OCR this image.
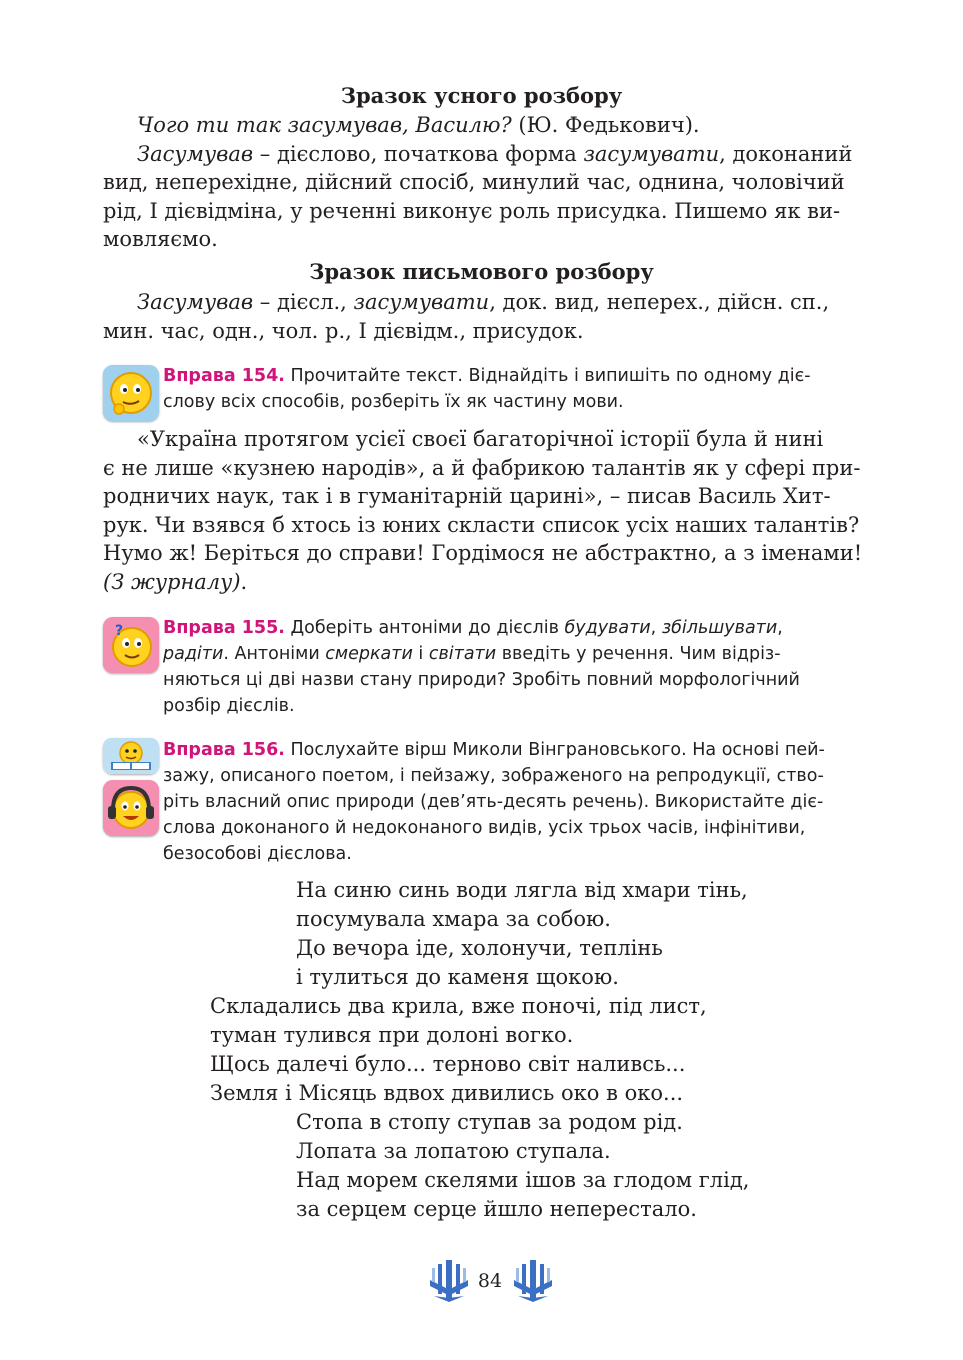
Зразок усного розбору
Чого ти так засумував, Василю? (Ю. Федькович).
Засумував – дієслово, початкова форма засумувати, доконаний
вид, неперехідне, дійсний спосіб, минулий час, однина, чоловічий
рід, І дієвідміна, у реченні виконує роль присудка. Пишемо як ви-
мовляємо.
Зразок письмового розбору
Засумував – дієсл., засумувати, док. вид, неперех., дійсн. сп.,
мин. час, одн., чол. р., І дієвідм., присудок.
Вправа 154. Прочитайте текст. Віднайдіть і випишіть по одному діє-
слову всіх способів, розберіть їх як частину мови.
«Україна протягом усієї своєї багаторічної історії була й нині
є не лише «кузнею народів», а й фабрикою талантів як у сфері при-
родничих наук, так і в гуманітарній царині», – писав Василь Хит-
рук. Чи взявся б хтось із юних скласти список усіх наших талантів?
Нумо ж! Беріться до справи! Гордімося не абстрактно, а з іменами!
(З журналу).
? Вправа 155. Доберіть антоніми до дієслів будувати, збільшувати,
радіти. Антоніми смеркати і світати введіть у речення. Чим відріз-
няються ці дві назви стану природи? Зробіть повний морфологічний
розбір дієслів.
Вправа 156. Послухайте вірш Миколи Вінграновського. На основі пей-
зажу, описаного поетом, і пейзажу, зображеного на репродукції, ство-
ріть власний опис природи (дев’ять-десять речень). Використайте діє-
слова доконаного й недоконаного видів, усіх трьох часів, інфінітиви,
безособові дієслова.
На синю синь води лягла від хмари тінь,
посумувала хмара за собою.
До вечора іде, холонучи, теплінь
і тулиться до каменя щокою.
Складались два крила, вже поночі, під лист,
туман тулився при долоні вогко.
Щось далечі було... терново світ наливсь...
Земля і Місяць вдвох дивились око в око...
Стопа в стопу ступав за родом рід.
Лопата за лопатою ступала.
Над морем скелями ішов за глодом глід,
за серцем серце йшло неперестало.
84
